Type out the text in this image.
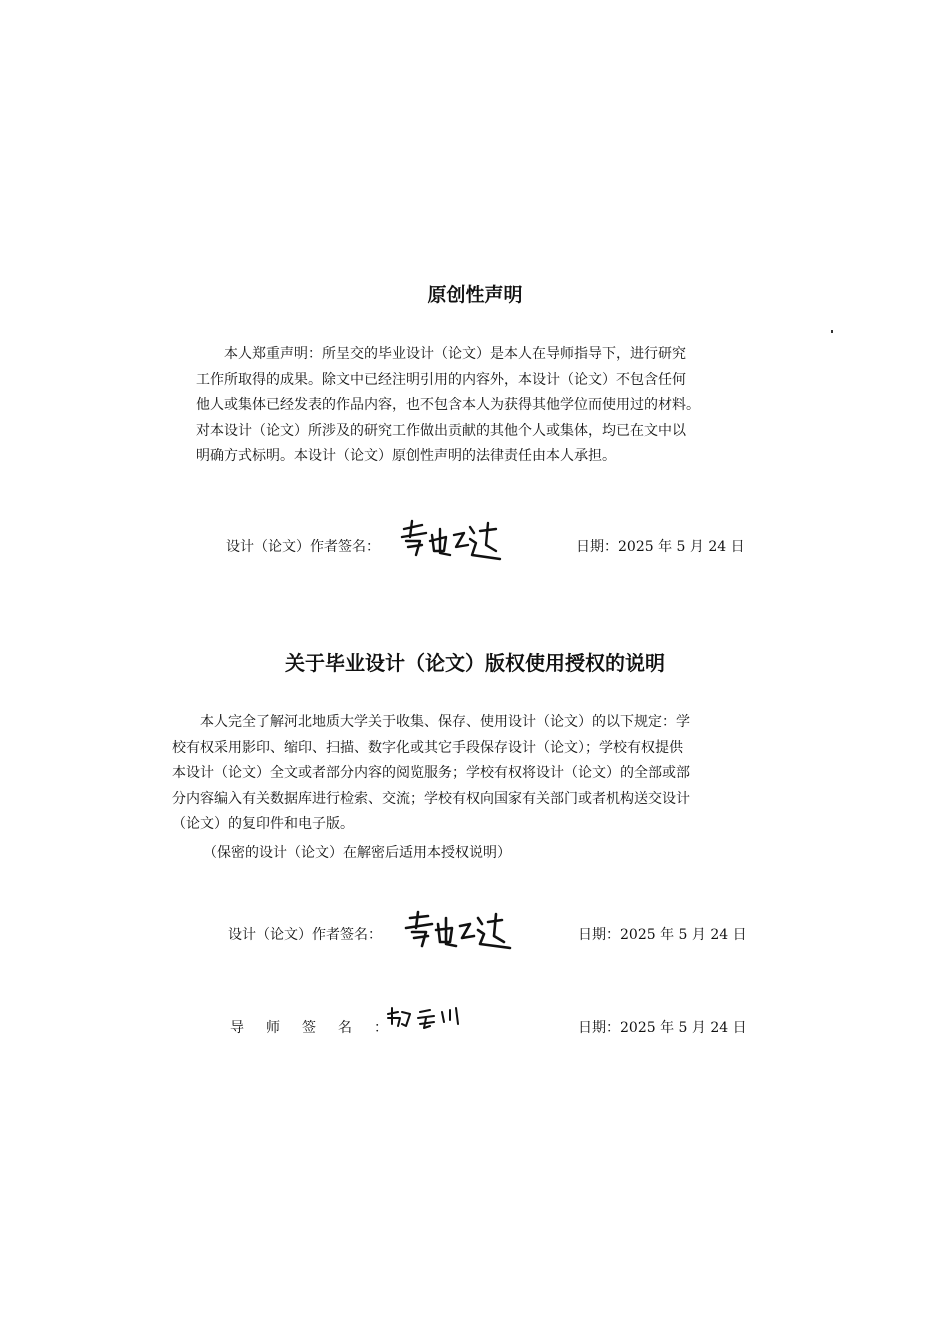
原创性声明
本人郑重声明：所呈交的毕业设计（论文）是本人在导师指导下，进行研究
工作所取得的成果。除文中已经注明引用的内容外，本设计（论文）不包含任何
他人或集体已经发表的作品内容，也不包含本人为获得其他学位而使用过的材料。
对本设计（论文）所涉及的研究工作做出贡献的其他个人或集体，均已在文中以
明确方式标明。本设计（论文）原创性声明的法律责任由本人承担。
设计（论文）作者签名：	日期：2025 年 5 月 24 日
关于毕业设计（论文）版权使用授权的说明
本人完全了解河北地质大学关于收集、保存、使用设计（论文）的以下规定：学
校有权采用影印、缩印、扫描、数字化或其它手段保存设计（论文）；学校有权提供
本设计（论文）全文或者部分内容的阅览服务；学校有权将设计（论文）的全部或部
分内容编入有关数据库进行检索、交流；学校有权向国家有关部门或者机构送交设计
（论文）的复印件和电子版。
（保密的设计（论文）在解密后适用本授权说明）
设计（论文）作者签名：	日期：2025 年 5 月 24 日
导师签名：	日期：2025 年 5 月 24 日
